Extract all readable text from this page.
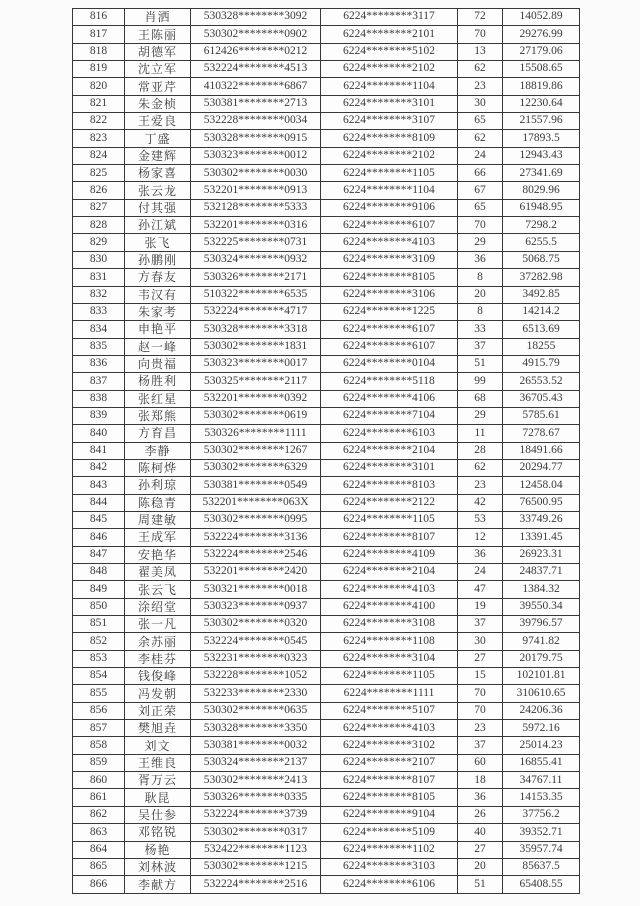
816	肖洒	530328********3092	6224********3117	72	14052.89
817	王陈丽	530302********0902	6224********2101	70	29276.99
818	胡德军	612426********0212	6224********5102	13	27179.06
819	沈立军	532224********4513	6224********2102	62	15508.65
820	常亚芹	410322********6867	6224********1104	23	18819.86
821	朱金桢	530381********2713	6224********3101	30	12230.64
822	王爱良	532228********0034	6224********3107	65	21557.96
823	丁盛	530328********0915	6224********8109	62	17893.5
824	金建辉	530323********0012	6224********2102	24	12943.43
825	杨家喜	530302********0030	6224********1105	66	27341.69
826	张云龙	532201********0913	6224********1104	67	8029.96
827	付其强	532128********5333	6224********9106	65	61948.95
828	孙江斌	532201********0316	6224********6107	70	7298.2
829	张飞	532225********0731	6224********4103	29	6255.5
830	孙鹏刚	530324********0932	6224********3109	36	5068.75
831	方春友	530326********2171	6224********8105	8	37282.98
832	韦汉有	510322********6535	6224********3106	20	3492.85
833	朱家考	532224********4717	6224********1225	8	14214.2
834	申艳平	530328********3318	6224********6107	33	6513.69
835	赵一峰	530302********1831	6224********6107	37	18255
836	向贵福	530323********0017	6224********0104	51	4915.79
837	杨胜利	530325********2117	6224********5118	99	26553.52
838	张红星	532201********0392	6224********4106	68	36705.43
839	张郑熊	530302********0619	6224********7104	29	5785.61
840	方育昌	530326********1111	6224********6103	11	7278.67
841	李静	530302********1267	6224********2104	28	18491.66
842	陈柯烨	530302********6329	6224********3101	62	20294.77
843	孙利琼	530381********0549	6224********8103	23	12458.04
844	陈稳青	532201********063X	6224********2122	42	76500.95
845	周建敏	530302********0995	6224********1105	53	33749.26
846	王成军	532224********3136	6224********8107	12	13391.45
847	安艳华	532224********2546	6224********4109	36	26923.31
848	翟美凤	532201********2420	6224********2104	24	24837.71
849	张云飞	530321********0018	6224********4103	47	1384.32
850	涂绍堂	530323********0937	6224********4100	19	39550.34
851	张一凡	530302********0320	6224********3108	37	39796.57
852	余苏丽	532224********0545	6224********1108	30	9741.82
853	李桂芬	532231********0323	6224********3104	27	20179.75
854	钱俊峰	532228********1052	6224********1105	15	102101.81
855	冯发朝	532233********2330	6224********1111	70	310610.65
856	刘正荣	530302********0635	6224********5107	70	24206.36
857	樊旭垚	530328********3350	6224********4103	23	5972.16
858	刘文	530381********0032	6224********3102	37	25014.23
859	王维良	530324********2137	6224********2107	60	16855.41
860	胥万云	530302********2413	6224********8107	18	34767.11
861	耿昆	530326********0335	6224********8105	36	14153.35
862	吴仕参	532224********3739	6224********9104	26	37756.2
863	邓铭锐	530302********0317	6224********5109	40	39352.71
864	杨艳	532422********1123	6224********1102	27	35957.74
865	刘林波	530302********1215	6224********3103	20	85637.5
866	李献方	532224********2516	6224********6106	51	65408.55
